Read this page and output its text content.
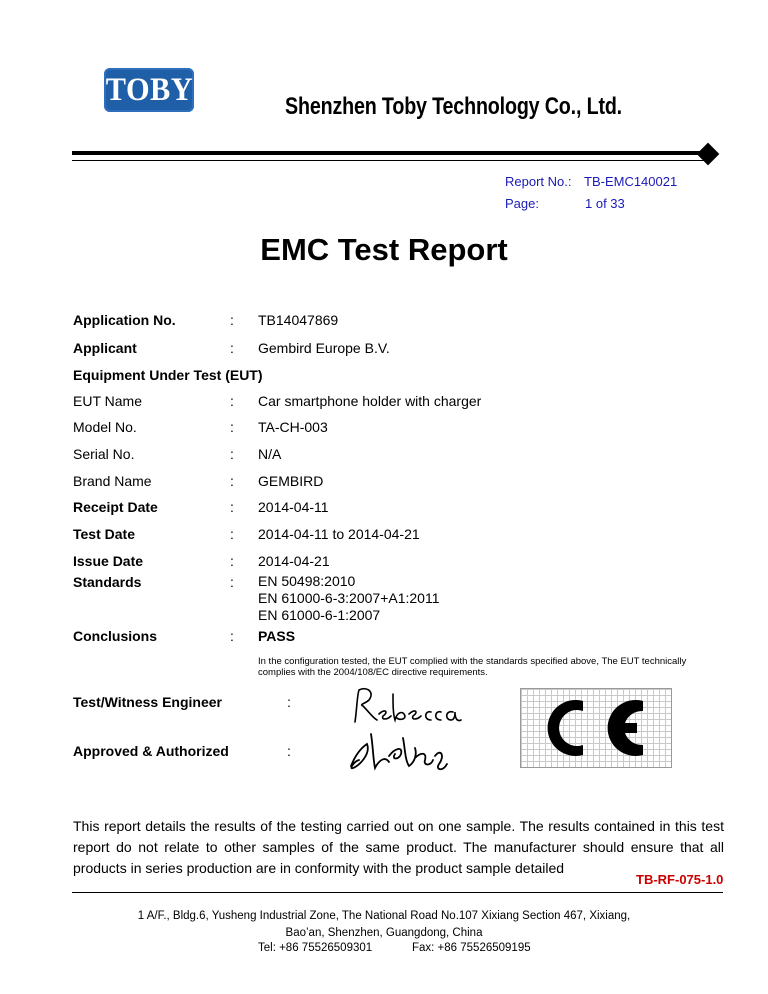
TOBY	Shenzhen Toby Technology Co., Ltd.
Report No.: TB-EMC140021
Page:	1 of 33
EMC Test Report
Application No.	: TB14047869
Applicant	: Gembird Europe B.V.
Equipment Under Test (EUT)
EUT Name	: Car smartphone holder with charger
Model No.	: TA-CH-003
Serial No.	: N/A
Brand Name	: GEMBIRD
Receipt Date	: 2014-04-11
Test Date	: 2014-04-11 to 2014-04-21
Issue Date	: 2014-04-21
Standards	: EN 50498:2010
EN 61000-6-3:2007+A1:2011
EN 61000-6-1:2007
Conclusions	: PASS
In the configuration tested, the EUT complied with the standards specified above, The EUT technically complies with the 2004/108/EC directive requirements.
Test/Witness Engineer	:
Approved & Authorized	:
This report details the results of the testing carried out on one sample. The results contained in this test report do not relate to other samples of the same product. The manufacturer should ensure that all products in series production are in conformity with the product sample detailed
TB-RF-075-1.0
1 A/F., Bldg.6, Yusheng Industrial Zone, The National Road No.107 Xixiang Section 467, Xixiang,
Bao’an, Shenzhen, Guangdong, China
Tel: +86 75526509301	Fax: +86 75526509195
